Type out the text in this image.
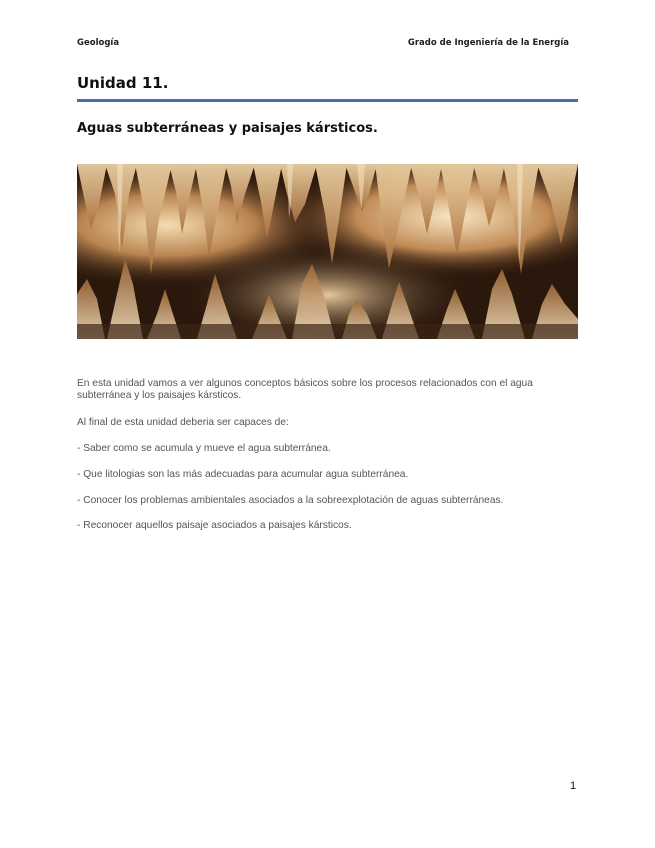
Geología	Grado de Ingeniería de la Energía
Unidad 11.
Aguas subterráneas y paisajes kársticos.
En esta unidad vamos a ver algunos conceptos básicos sobre los procesos relacionados con el agua subterránea y los paisajes kársticos.
Al final de esta unidad deberia ser capaces de:
- Saber como se acumula y mueve el agua subterránea.
- Que litologias son las más adecuadas para acumular agua subterránea.
- Conocer los problemas ambientales asociados a la sobreexplotación de aguas subterráneas.
- Reconocer aquellos paisaje asociados a paisajes kársticos.
1
